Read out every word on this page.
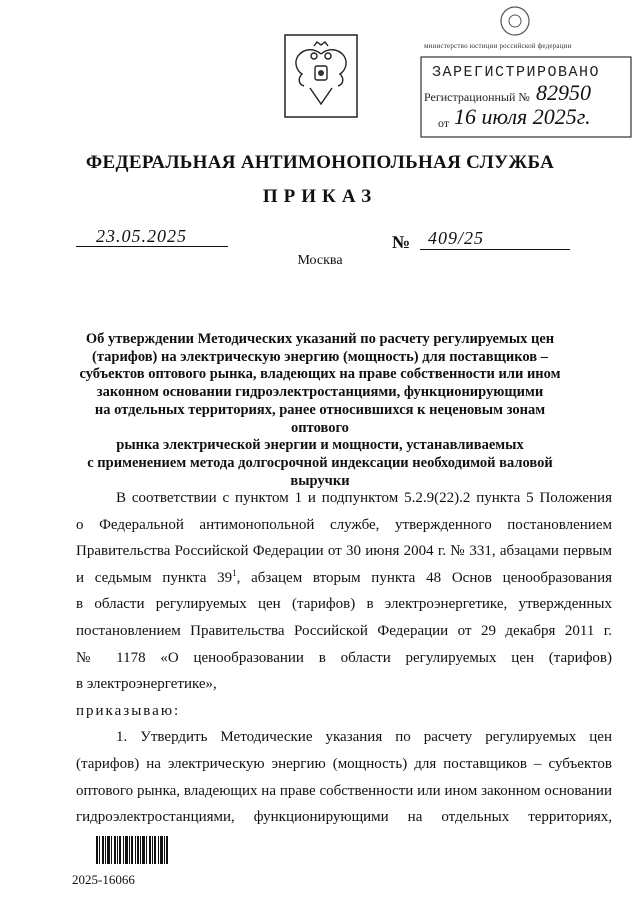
министерство юстиции российской федерации
ЗАРЕГИСТРИРОВАНО
Регистрационный № 82950
от 16 июля 2025г.
ФЕДЕРАЛЬНАЯ АНТИМОНОПОЛЬНАЯ СЛУЖБА
ПРИКАЗ
23.05.2025	№ 409/25
Москва
Об утверждении Методических указаний по расчету регулируемых цен
(тарифов) на электрическую энергию (мощность) для поставщиков –
субъектов оптового рынка, владеющих на праве собственности или ином
законном основании гидроэлектростанциями, функционирующими
на отдельных территориях, ранее относившихся к неценовым зонам оптового
рынка электрической энергии и мощности, устанавливаемых
с применением метода долгосрочной индексации необходимой валовой
выручки

В соответствии с пунктом 1 и подпунктом 5.2.9(22).2 пункта 5 Положения

о Федеральной антимонопольной службе, утвержденного постановлением

Правительства Российской Федерации от 30 июня 2004 г. № 331, абзацами первым

и седьмым пункта $39^1$, абзацем вторым пункта 48 Основ ценообразования

в области регулируемых цен (тарифов) в электроэнергетике, утвержденных

постановлением Правительства Российской Федерации от 29 декабря 2011 г.

№ 1178 «О ценообразовании в области регулируемых цен (тарифов)

в электроэнергетике»,

приказываю:

1. Утвердить Методические указания по расчету регулируемых цен

(тарифов) на электрическую энергию (мощность) для поставщиков – субъектов

оптового рынка, владеющих на праве собственности или ином законном основании

гидроэлектростанциями, функционирующими на отдельных территориях,

2025-16066
